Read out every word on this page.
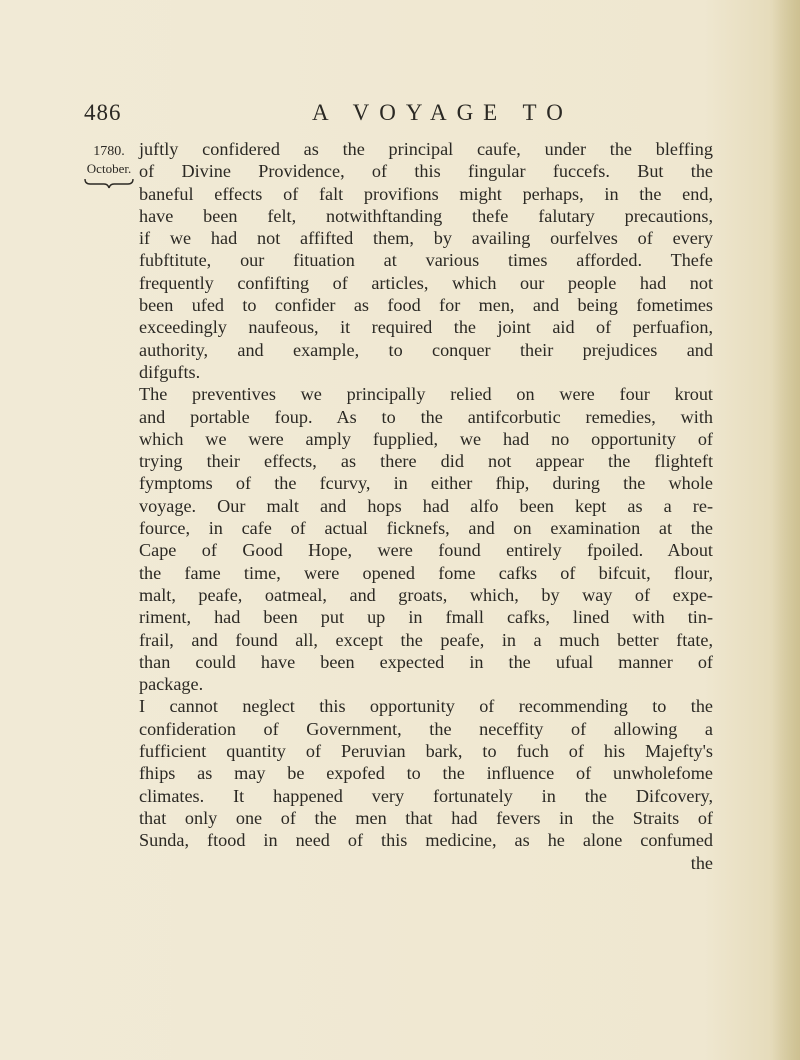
486	A VOYAGE TO
1780.
October.
juftly confidered as the principal caufe, under the bleffing
of Divine Providence, of this fingular fuccefs. But the
baneful effects of falt provifions might perhaps, in the end,
have been felt, notwithftanding thefe falutary precautions,
if we had not affifted them, by availing ourfelves of every
fubftitute, our fituation at various times afforded. Thefe
frequently confifting of articles, which our people had not
been ufed to confider as food for men, and being fometimes
exceedingly naufeous, it required the joint aid of perfuafion,
authority, and example, to conquer their prejudices and
difgufts.
The preventives we principally relied on were four krout
and portable foup. As to the antifcorbutic remedies, with
which we were amply fupplied, we had no opportunity of
trying their effects, as there did not appear the flighteft
fymptoms of the fcurvy, in either fhip, during the whole
voyage. Our malt and hops had alfo been kept as a re-
fource, in cafe of actual ficknefs, and on examination at the
Cape of Good Hope, were found entirely fpoiled. About
the fame time, were opened fome cafks of bifcuit, flour,
malt, peafe, oatmeal, and groats, which, by way of expe-
riment, had been put up in fmall cafks, lined with tin-
frail, and found all, except the peafe, in a much better ftate,
than could have been expected in the ufual manner of
package.
I cannot neglect this opportunity of recommending to the
confideration of Government, the neceffity of allowing a
fufficient quantity of Peruvian bark, to fuch of his Majefty's
fhips as may be expofed to the influence of unwholefome
climates. It happened very fortunately in the Difcovery,
that only one of the men that had fevers in the Straits of
Sunda, ftood in need of this medicine, as he alone confumed
the
